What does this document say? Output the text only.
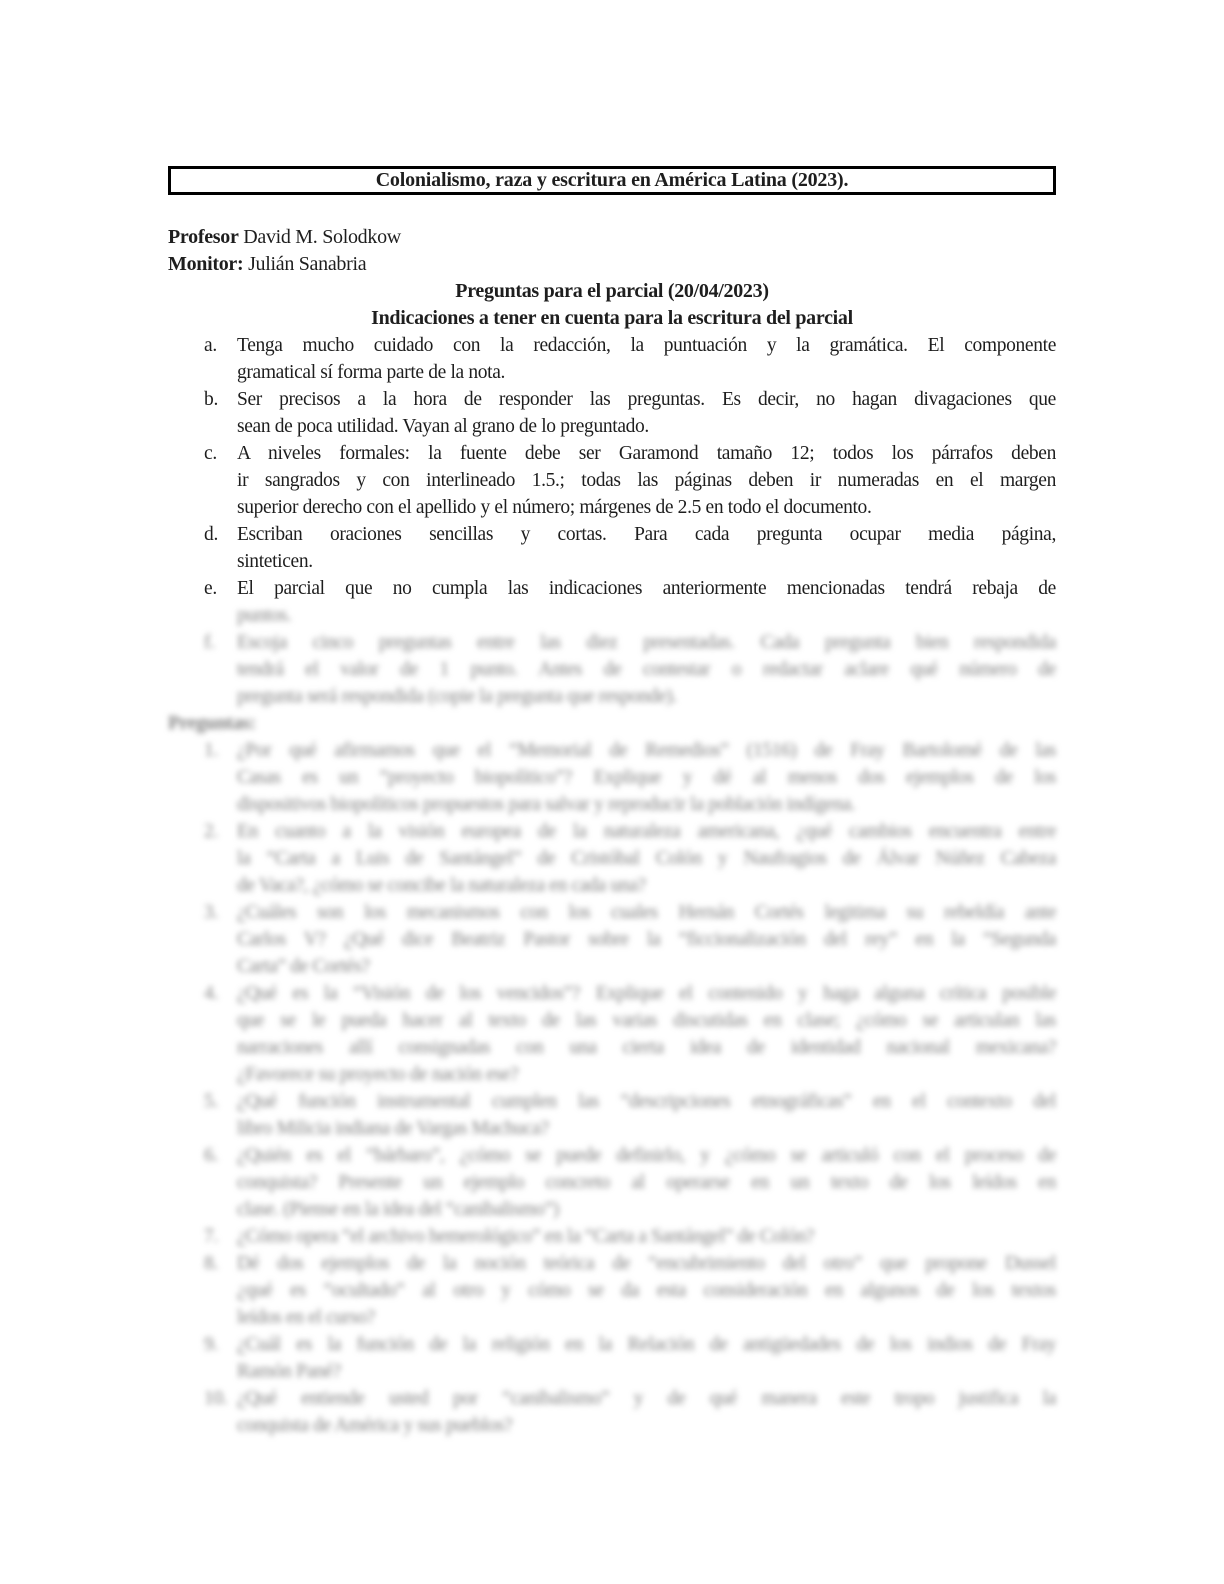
Colonialismo, raza y escritura en América Latina (2023).
Profesor David M. Solodkow
Monitor: Julián Sanabria
Preguntas para el parcial (20/04/2023)
Indicaciones a tener en cuenta para la escritura del parcial
a. Tenga mucho cuidado con la redacción, la puntuación y la gramática. El componente
gramatical sí forma parte de la nota.
b. Ser precisos a la hora de responder las preguntas. Es decir, no hagan divagaciones que
sean de poca utilidad. Vayan al grano de lo preguntado.
c. A niveles formales: la fuente debe ser Garamond tamaño 12; todos los párrafos deben
ir sangrados y con interlineado 1.5.; todas las páginas deben ir numeradas en el margen
superior derecho con el apellido y el número; márgenes de 2.5 en todo el documento.
d. Escriban oraciones sencillas y cortas. Para cada pregunta ocupar media página,
sinteticen.
e. El parcial que no cumpla las indicaciones anteriormente mencionadas tendrá rebaja de
puntos.
f. Escoja cinco preguntas entre las diez presentadas. Cada pregunta bien respondida
tendrá el valor de 1 punto. Antes de contestar o redactar aclare qué número de
pregunta será respondida (copie la pregunta que responde).
Preguntas:
1. ¿Por qué afirmamos que el “Memorial de Remedios” (1516) de Fray Bartolomé de las
Casas es un “proyecto biopolítico”? Explique y dé al menos dos ejemplos de los
dispositivos biopolíticos propuestos para salvar y reproducir la población indígena.
2. En cuanto a la visión europea de la naturaleza americana, ¿qué cambios encuentra entre
la “Carta a Luis de Santángel” de Cristóbal Colón y Naufragios de Álvar Núñez Cabeza
de Vaca?, ¿cómo se concibe la naturaleza en cada una?
3. ¿Cuáles son los mecanismos con los cuales Hernán Cortés legitima su rebeldía ante
Carlos V? ¿Qué dice Beatriz Pastor sobre la “ficcionalización del rey” en la “Segunda
Carta” de Cortés?
4. ¿Qué es la “Visión de los vencidos”? Explique el contenido y haga alguna crítica posible
que se le pueda hacer al texto de las varias discutidas en clase; ¿cómo se articulan las
narraciones allí consignadas con una cierta idea de identidad nacional mexicana?
¿Favorece su proyecto de nación ese?
5. ¿Qué función instrumental cumplen las “descripciones etnográficas” en el contexto del
libro Milicia indiana de Vargas Machuca?
6. ¿Quién es el “bárbaro”, ¿cómo se puede definirlo, y ¿cómo se articuló con el proceso de
conquista? Presente un ejemplo concreto al operarse en un texto de los leídos en
clase. (Piense en la idea del “canibalismo”)
7. ¿Cómo opera “el archivo hemerológico” en la “Carta a Santángel” de Colón?
8. Dé dos ejemplos de la noción teórica de “encubrimiento del otro” que propone Dussel
¿qué es “ocultado” al otro y cómo se da esta consideración en algunos de los textos
leídos en el curso?
9. ¿Cuál es la función de la religión en la Relación de antigüedades de los indios de Fray
Ramón Pané?
10. ¿Qué entiende usted por “canibalismo” y de qué manera este tropo justifica la
conquista de América y sus pueblos?
